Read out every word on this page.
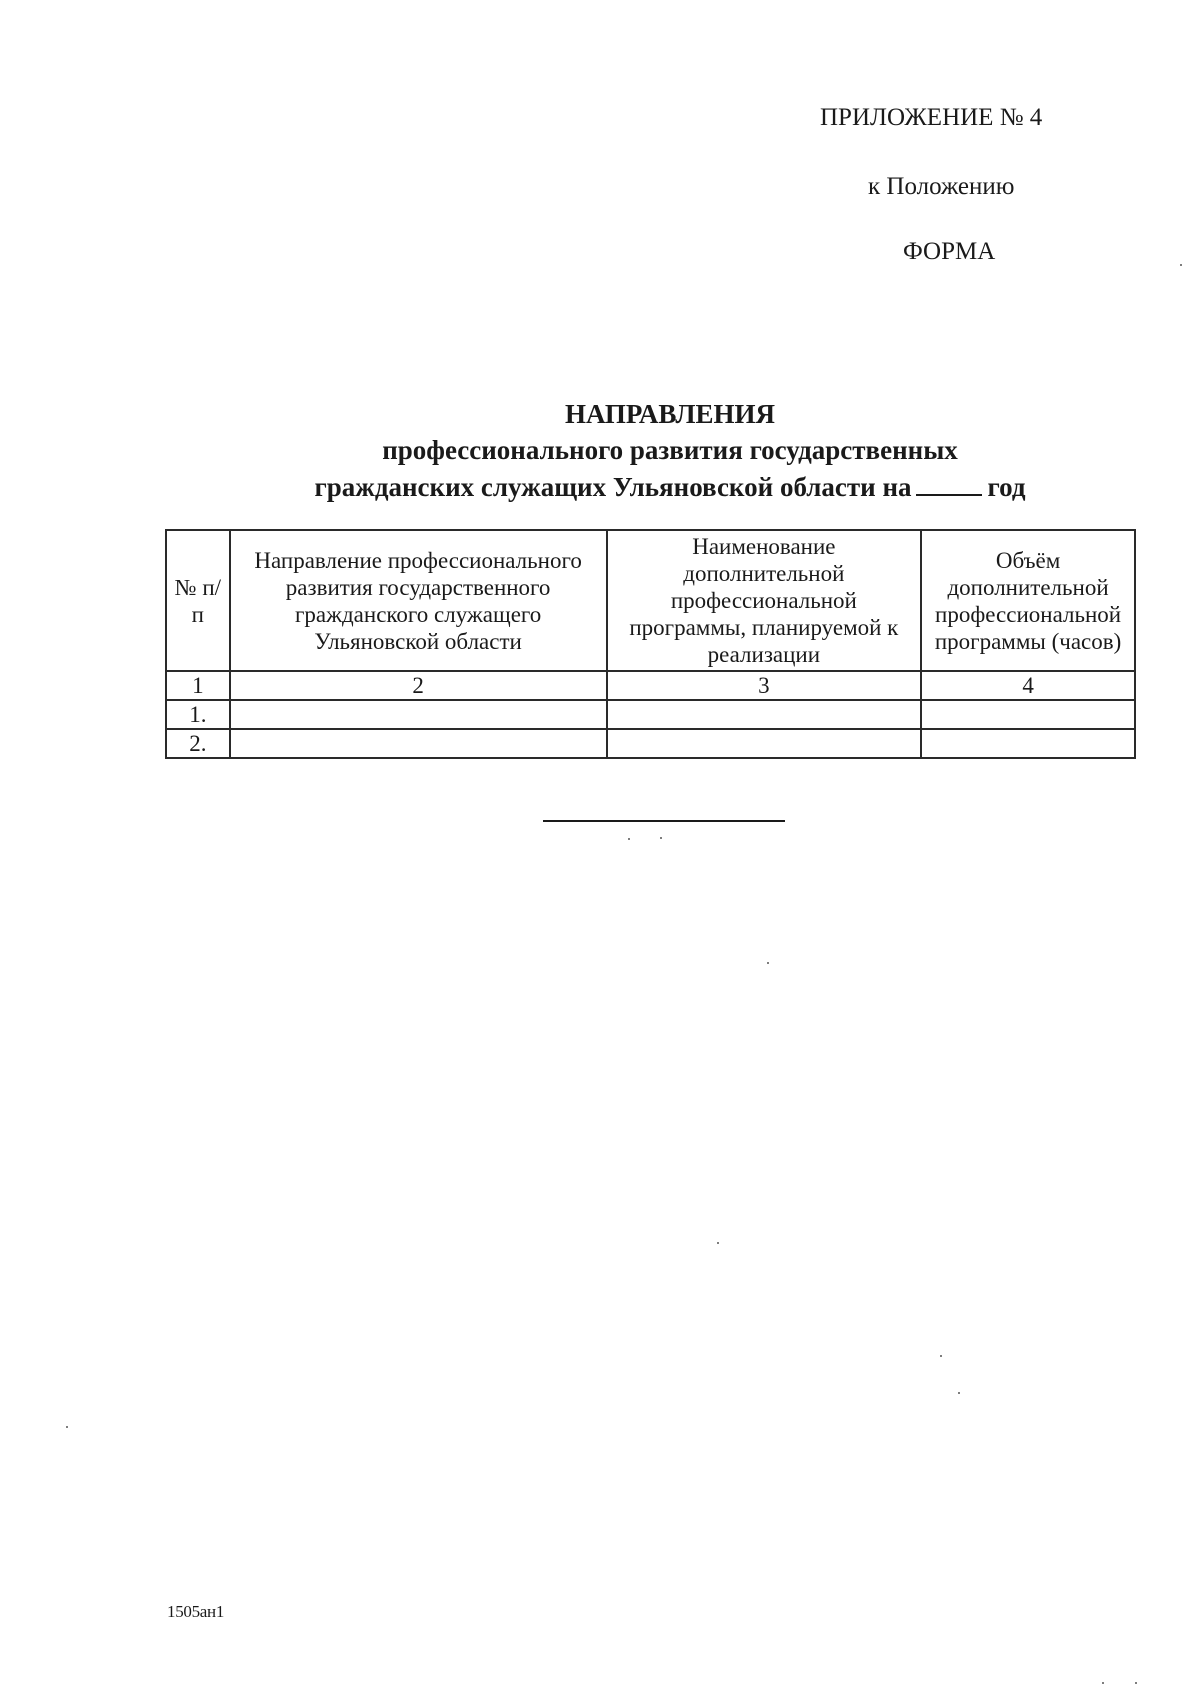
ПРИЛОЖЕНИЕ № 4
к Положению
ФОРМА
НАПРАВЛЕНИЯ
профессионального развития государственных
гражданских служащих Ульяновской области на	год
№ п/п	Направление профессионального развития государственного гражданского служащего Ульяновской области	Наименование дополнительной профессиональной программы, планируемой к реализации	Объём дополнительной профессиональной программы (часов)
1	2	3	4
1.			
2.			
1505ан1
